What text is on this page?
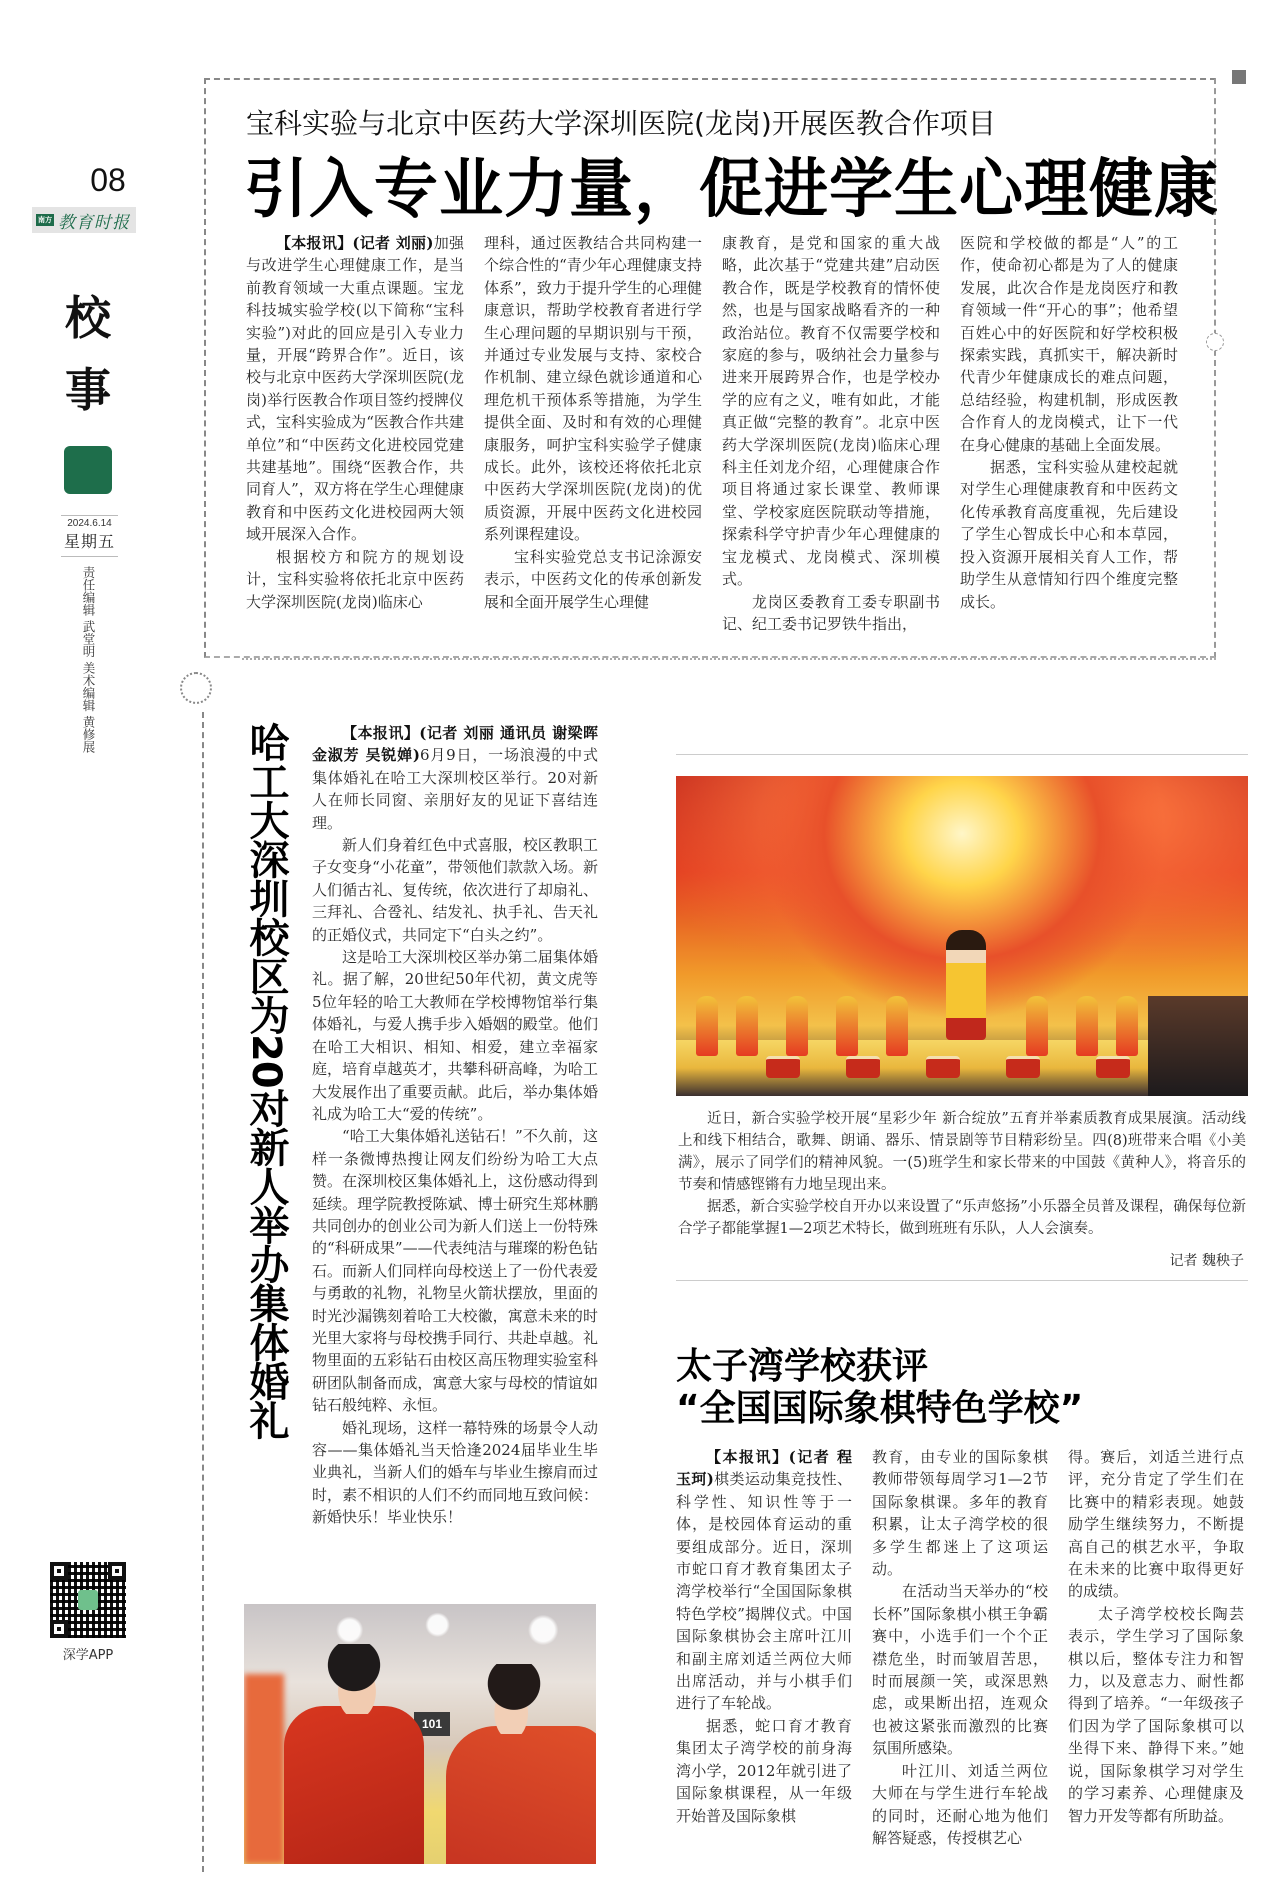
08
南方 教育时报
校
事
2024.6.14
星期五
责任编辑 武堂明 美术编辑 黄修展
深学APP
宝科实验与北京中医药大学深圳医院(龙岗)开展医教合作项目
引入专业力量，促进学生心理健康

【本报讯】(记者 刘丽)加强与改进学生心理健康工作，是当前教育领域一大重点课题。宝龙科技城实验学校(以下简称“宝科实验”)对此的回应是引入专业力量，开展“跨界合作”。近日，该校与北京中医药大学深圳医院(龙岗)举行医教合作项目签约授牌仪式，宝科实验成为“医教合作共建单位”和“中医药文化进校园党建共建基地”。围绕“医教合作，共同育人”，双方将在学生心理健康教育和中医药文化进校园两大领域开展深入合作。

根据校方和院方的规划设计，宝科实验将依托北京中医药大学深圳医院(龙岗)临床心

理科，通过医教结合共同构建一个综合性的“青少年心理健康支持体系”，致力于提升学生的心理健康意识，帮助学校教育者进行学生心理问题的早期识别与干预，并通过专业发展与支持、家校合作机制、建立绿色就诊通道和心理危机干预体系等措施，为学生提供全面、及时和有效的心理健康服务，呵护宝科实验学子健康成长。此外，该校还将依托北京中医药大学深圳医院(龙岗)的优质资源，开展中医药文化进校园系列课程建设。

宝科实验党总支书记涂源安表示，中医药文化的传承创新发展和全面开展学生心理健

康教育，是党和国家的重大战略，此次基于“党建共建”启动医教合作，既是学校教育的情怀使然，也是与国家战略看齐的一种政治站位。教育不仅需要学校和家庭的参与，吸纳社会力量参与进来开展跨界合作，也是学校办学的应有之义，唯有如此，才能真正做“完整的教育”。北京中医药大学深圳医院(龙岗)临床心理科主任刘龙介绍，心理健康合作项目将通过家长课堂、教师课堂、学校家庭医院联动等措施，探索科学守护青少年心理健康的宝龙模式、龙岗模式、深圳模式。

龙岗区委教育工委专职副书记、纪工委书记罗铁牛指出，

医院和学校做的都是“人”的工作，使命初心都是为了人的健康发展，此次合作是龙岗医疗和教育领域一件“开心的事”；他希望百姓心中的好医院和好学校积极探索实践，真抓实干，解决新时代青少年健康成长的难点问题，总结经验，构建机制，形成医教合作育人的龙岗模式，让下一代在身心健康的基础上全面发展。

据悉，宝科实验从建校起就对学生心理健康教育和中医药文化传承教育高度重视，先后建设了学生心智成长中心和本草园，投入资源开展相关育人工作，帮助学生从意情知行四个维度完整成长。

哈工大深圳校区为20对新人举办集体婚礼	【本报讯】(记者 刘丽 通讯员 谢梁晖 金淑芳 吴锐婵)6月9日，一场浪漫的中式集体婚礼在哈工大深圳校区举行。20对新人在师长同窗、亲朋好友的见证下喜结连理。

新人们身着红色中式喜服，校区教职工子女变身“小花童”，带领他们款款入场。新人们循古礼、复传统，依次进行了却扇礼、三拜礼、合卺礼、结发礼、执手礼、告天礼的正婚仪式，共同定下“白头之约”。

这是哈工大深圳校区举办第二届集体婚礼。据了解，20世纪50年代初，黄文虎等5位年轻的哈工大教师在学校博物馆举行集体婚礼，与爱人携手步入婚姻的殿堂。他们在哈工大相识、相知、相爱，建立幸福家庭，培育卓越英才，共攀科研高峰，为哈工大发展作出了重要贡献。此后，举办集体婚礼成为哈工大“爱的传统”。

“哈工大集体婚礼送钻石！”不久前，这样一条微博热搜让网友们纷纷为哈工大点赞。在深圳校区集体婚礼上，这份感动得到延续。理学院教授陈斌、博士研究生郑林鹏共同创办的创业公司为新人们送上一份特殊的“科研成果”——代表纯洁与璀璨的粉色钻石。而新人们同样向母校送上了一份代表爱与勇敢的礼物，礼物呈火箭状摆放，里面的时光沙漏镌刻着哈工大校徽，寓意未来的时光里大家将与母校携手同行、共赴卓越。礼物里面的五彩钻石由校区高压物理实验室科研团队制备而成，寓意大家与母校的情谊如钻石般纯粹、永恒。

婚礼现场，这样一幕特殊的场景令人动容——集体婚礼当天恰逢2024届毕业生毕业典礼，当新人们的婚车与毕业生擦肩而过时，素不相识的人们不约而同地互致问候：新婚快乐！毕业快乐！

101

近日，新合实验学校开展“星彩少年 新合绽放”五育并举素质教育成果展演。活动线上和线下相结合，歌舞、朗诵、器乐、情景剧等节目精彩纷呈。四(8)班带来合唱《小美满》，展示了同学们的精神风貌。一(5)班学生和家长带来的中国鼓《黄种人》，将音乐的节奏和情感铿锵有力地呈现出来。

据悉，新合实验学校自开办以来设置了“乐声悠扬”小乐器全员普及课程，确保每位新合学子都能掌握1—2项艺术特长，做到班班有乐队，人人会演奏。

记者 魏秧子
太子湾学校获评
“全国国际象棋特色学校”

【本报讯】(记者 程玉珂)棋类运动集竞技性、科学性、知识性等于一体，是校园体育运动的重要组成部分。近日，深圳市蛇口育才教育集团太子湾学校举行“全国国际象棋特色学校”揭牌仪式。中国国际象棋协会主席叶江川和副主席刘适兰两位大师出席活动，并与小棋手们进行了车轮战。

据悉，蛇口育才教育集团太子湾学校的前身海湾小学，2012年就引进了国际象棋课程，从一年级开始普及国际象棋

教育，由专业的国际象棋教师带领每周学习1—2节国际象棋课。多年的教育积累，让太子湾学校的很多学生都迷上了这项运动。

在活动当天举办的“校长杯”国际象棋小棋王争霸赛中，小选手们一个个正襟危坐，时而皱眉苦思，时而展颜一笑，或深思熟虑，或果断出招，连观众也被这紧张而激烈的比赛氛围所感染。

叶江川、刘适兰两位大师在与学生进行车轮战的同时，还耐心地为他们解答疑惑，传授棋艺心

得。赛后，刘适兰进行点评，充分肯定了学生们在比赛中的精彩表现。她鼓励学生继续努力，不断提高自己的棋艺水平，争取在未来的比赛中取得更好的成绩。

太子湾学校校长陶芸表示，学生学习了国际象棋以后，整体专注力和智力，以及意志力、耐性都得到了培养。“一年级孩子们因为学了国际象棋可以坐得下来、静得下来。”她说，国际象棋学习对学生的学习素养、心理健康及智力开发等都有所助益。
